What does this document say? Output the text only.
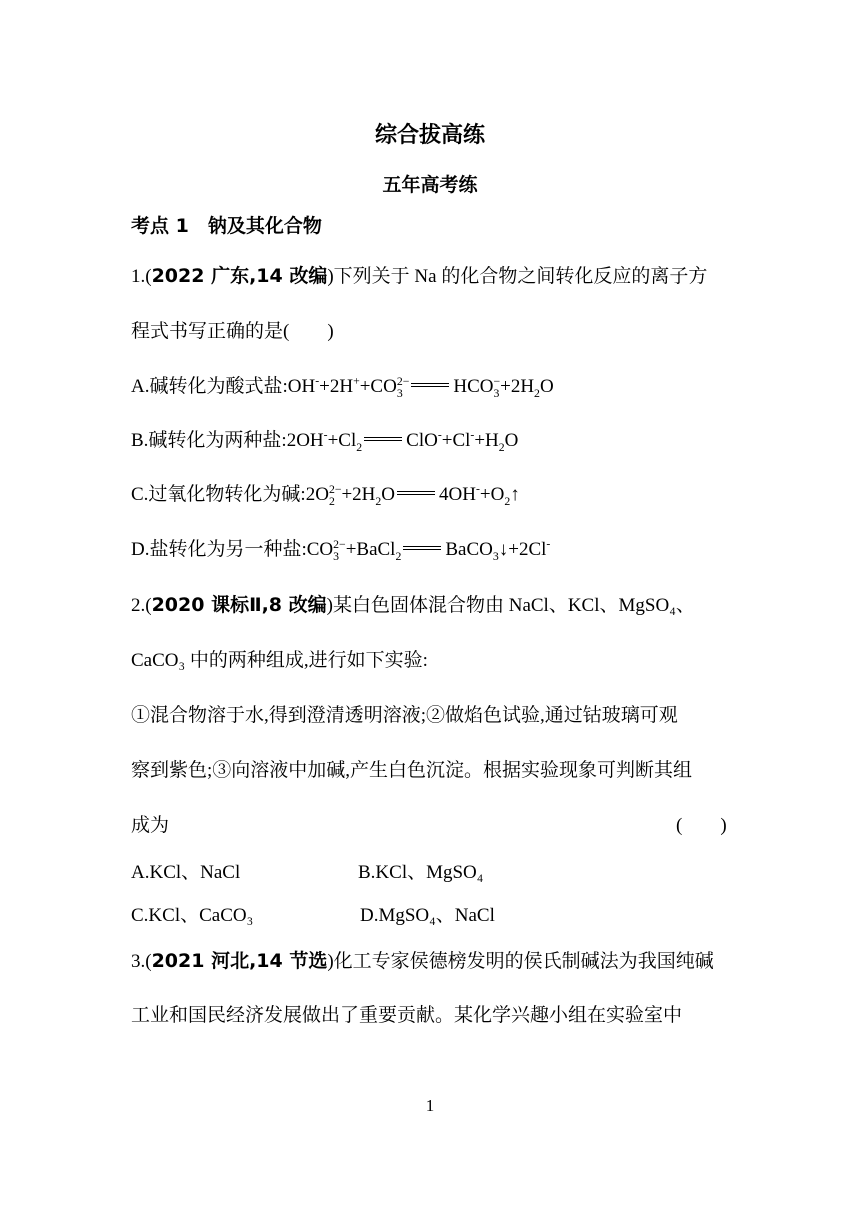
综合拔高练
五年高考练
考点 1　钠及其化合物
1.(2022 广东,14 改编)下列关于 Na 的化合物之间转化反应的离子方
程式书写正确的是(　　)
A.碱转化为酸式盐:OH-+2H++CO 2−
3	HCO −
$3 +2H_2O$
B.碱转化为两种盐$:2OH^-+Cl_2$ $ClO^-+Cl^-+H_2O$
C.过氧化物转化为碱:2O 2−
$2 +2H_2O$ $4OH^-+O_2↑$
D.盐转化为另一种盐:CO 2−
3 +BaCl$_2$ BaCO$_3$↓+2Cl-
2.(2020 课标Ⅱ,8 改编)某白色固体混合物由 NaCl、KCl、MgSO₄、
CaCO₃ 中的两种组成,进行如下实验:
①混合物溶于水,得到澄清透明溶液;②做焰色试验,通过钴玻璃可观
察到紫色;③向溶液中加碱,产生白色沉淀。根据实验现象可判断其组
成为	(　　)
A.KCl、NaCl	B.KCl、MgSO₄
C.KCl、CaCO₃	D.MgSO₄、NaCl
3.(2021 河北,14 节选)化工专家侯德榜发明的侯氏制碱法为我国纯碱
工业和国民经济发展做出了重要贡献。某化学兴趣小组在实验室中
1
